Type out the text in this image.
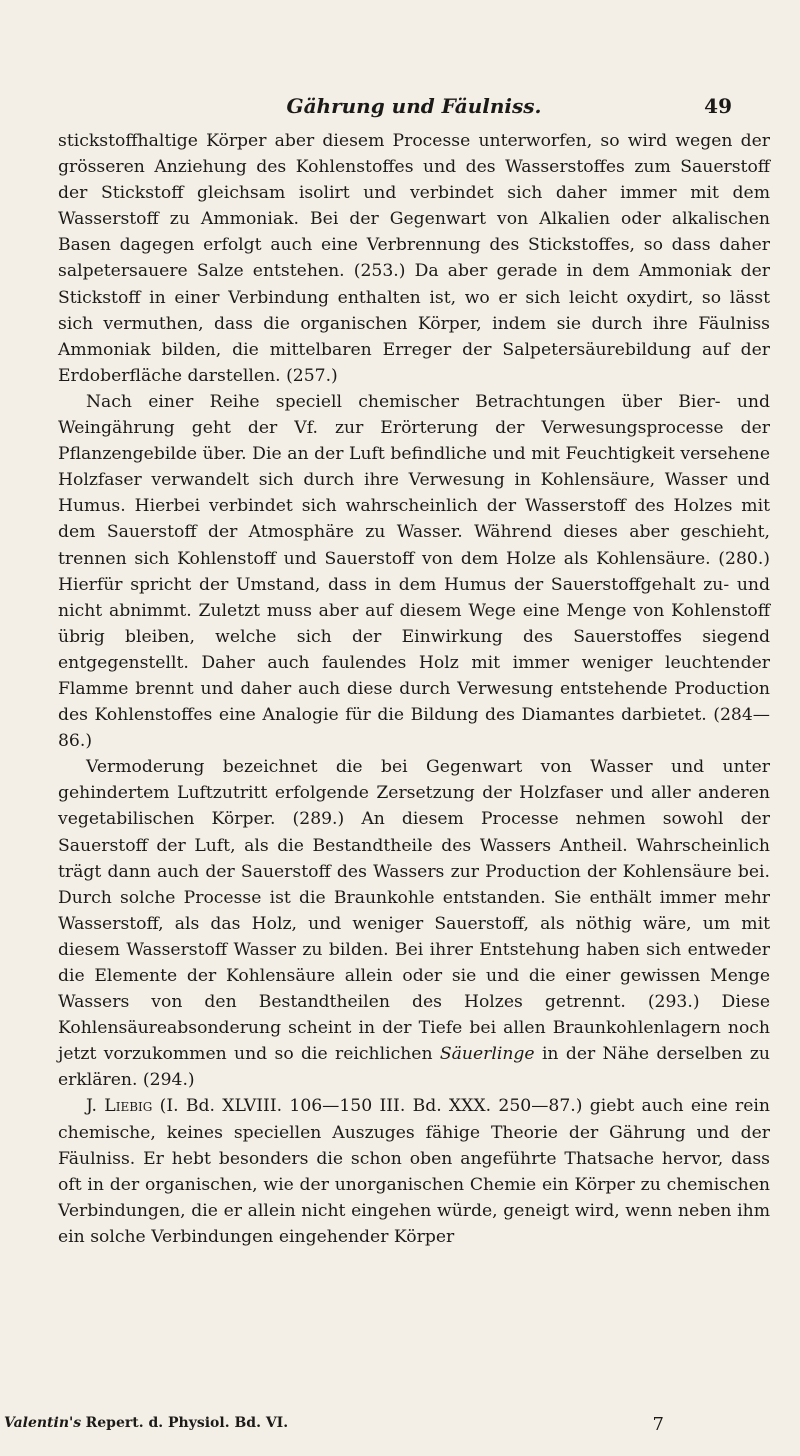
Gährung und Fäulniss.	49

stickstoffhaltige Körper aber diesem Processe unterworfen, so wird wegen der grösseren Anziehung des Kohlenstoffes und des Wasserstoffes zum Sauerstoff der Stickstoff gleichsam isolirt und verbindet sich daher immer mit dem Wasserstoff zu Ammoniak. Bei der Gegenwart von Alkalien oder alkalischen Basen dagegen erfolgt auch eine Verbrennung des Stickstoffes, so dass daher salpetersauere Salze entstehen. (253.) Da aber gerade in dem Ammoniak der Stickstoff in einer Verbindung enthalten ist, wo er sich leicht oxydirt, so lässt sich vermuthen, dass die organischen Körper, indem sie durch ihre Fäulniss Ammoniak bilden, die mittelbaren Erreger der Salpetersäurebildung auf der Erdoberfläche darstellen. (257.)

Nach einer Reihe speciell chemischer Betrachtungen über Bier- und Weingährung geht der Vf. zur Erörterung der Verwesungsprocesse der Pflanzengebilde über. Die an der Luft befindliche und mit Feuchtigkeit versehene Holzfaser verwandelt sich durch ihre Verwesung in Kohlensäure, Wasser und Humus. Hierbei verbindet sich wahrscheinlich der Wasserstoff des Holzes mit dem Sauerstoff der Atmosphäre zu Wasser. Während dieses aber geschieht, trennen sich Kohlenstoff und Sauerstoff von dem Holze als Kohlensäure. (280.) Hierfür spricht der Umstand, dass in dem Humus der Sauerstoffgehalt zu- und nicht abnimmt. Zuletzt muss aber auf diesem Wege eine Menge von Kohlenstoff übrig bleiben, welche sich der Einwirkung des Sauerstoffes siegend entgegenstellt. Daher auch faulendes Holz mit immer weniger leuchtender Flamme brennt und daher auch diese durch Verwesung entstehende Production des Kohlenstoffes eine Analogie für die Bildung des Diamantes darbietet. (284—86.)

Vermoderung bezeichnet die bei Gegenwart von Wasser und unter gehindertem Luftzutritt erfolgende Zersetzung der Holzfaser und aller anderen vegetabilischen Körper. (289.) An diesem Processe nehmen sowohl der Sauerstoff der Luft, als die Bestandtheile des Wassers Antheil. Wahrscheinlich trägt dann auch der Sauerstoff des Wassers zur Production der Kohlensäure bei. Durch solche Processe ist die Braunkohle entstanden. Sie enthält immer mehr Wasserstoff, als das Holz, und weniger Sauerstoff, als nöthig wäre, um mit diesem Wasserstoff Wasser zu bilden. Bei ihrer Entstehung haben sich entweder die Elemente der Kohlensäure allein oder sie und die einer gewissen Menge Wassers von den Bestandtheilen des Holzes getrennt. (293.) Diese Kohlensäureabsonderung scheint in der Tiefe bei allen Braunkohlenlagern noch jetzt vorzukommen und so die reichlichen Säuerlinge in der Nähe derselben zu erklären. (294.)

J. Liebig (I. Bd. XLVIII. 106—150 III. Bd. XXX. 250—87.) giebt auch eine rein chemische, keines speciellen Auszuges fähige Theorie der Gährung und der Fäulniss. Er hebt besonders die schon oben angeführte Thatsache hervor, dass oft in der organischen, wie der unorganischen Chemie ein Körper zu chemischen Verbindungen, die er allein nicht eingehen würde, geneigt wird, wenn neben ihm ein solche Verbindungen eingehender Körper

Valentin's Repert. d. Physiol. Bd. VI.	7
